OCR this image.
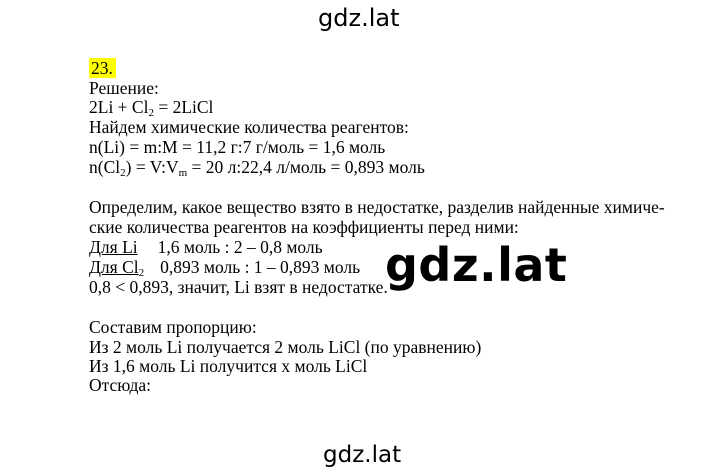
gdz.lat
23.
Решение:
$2Li + Cl_2$ = 2LiCl
Найдем химические количества реагентов:
n(Li) = m:M = 11,2 г:7 г/моль = 1,6 моль
$n(Cl_2)$ = $V:V_m = 20$ л:22,4 л/моль = 0,893 моль
Определим, какое вещество взято в недостатке, разделив найденные химиче-
ские количества реагентов на коэффициенты перед ними:
Для Li 1,6 моль : 2 – 0,8 моль
Для $Cl_2$ 0,893 моль : 1 – 0,893 моль
0,8 < 0,893, значит, Li взят в недостатке.
Составим пропорцию:
Из 2 моль Li получается 2 моль LiCl (по уравнению)
Из 1,6 моль Li получится x моль LiCl
Отсюда:
gdz.lat
gdz.lat
